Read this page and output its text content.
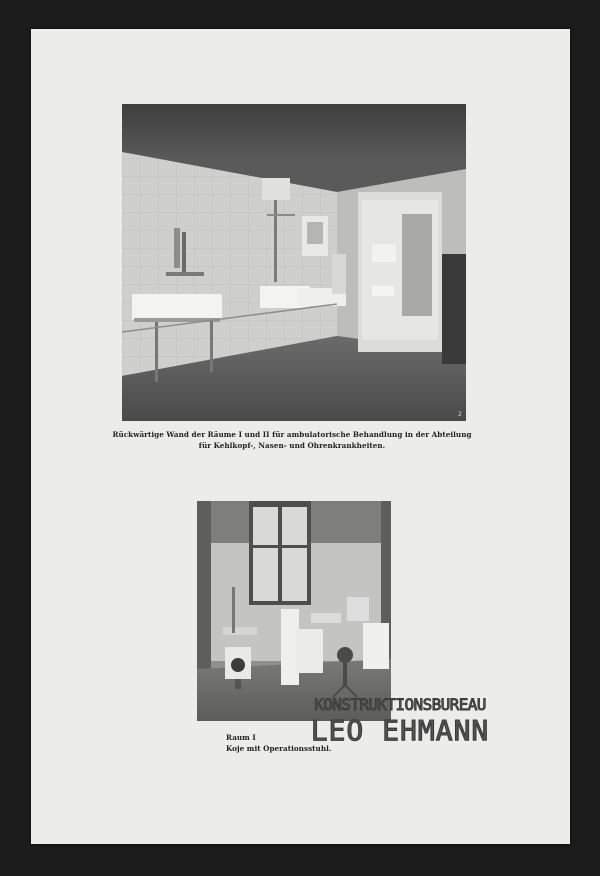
2
Rückwärtige Wand der Räume I und II für ambulatorische Behandlung in der Abteilung
für Kehlkopf-, Nasen- und Ohrenkrankheiten.
Raum I
Koje mit Operationsstuhl.
KONSTRUKTIONSBUREAU
LEO EHMANN
